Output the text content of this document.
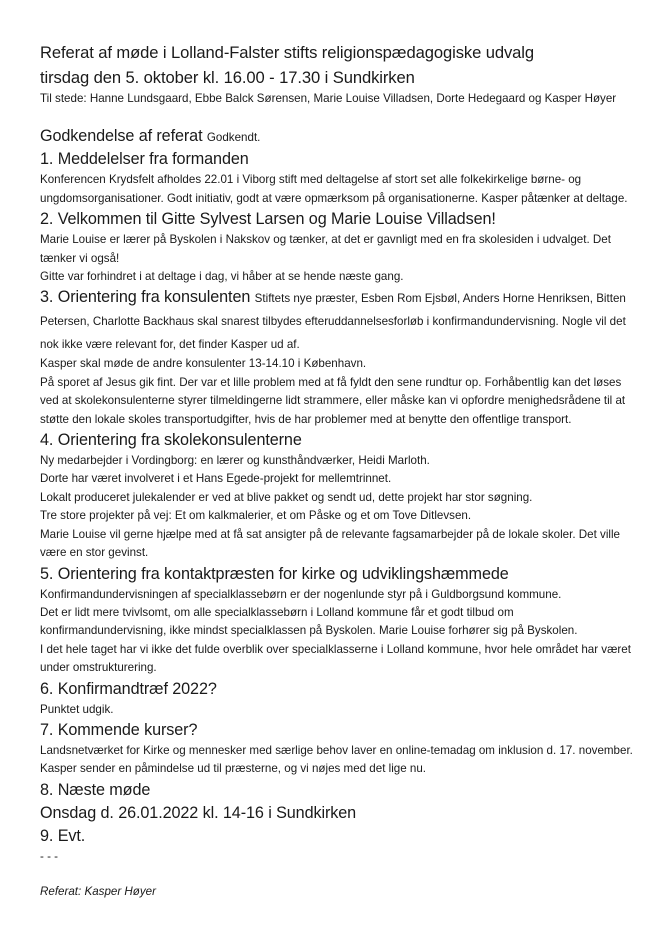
Referat af møde i Lolland-Falster stifts religionspædagogiske udvalg
tirsdag den 5. oktober kl. 16.00 - 17.30 i Sundkirken

Til stede: Hanne Lundsgaard, Ebbe Balck Sørensen, Marie Louise Villadsen, Dorte Hedegaard og Kasper Høyer

Godkendelse af referat Godkendt.
1. Meddelelser fra formanden

Konferencen Krydsfelt afholdes 22.01 i Viborg stift med deltagelse af stort set alle folkekirkelige børne- og ungdomsorganisationer. Godt initiativ, godt at være opmærksom på organisationerne. Kasper påtænker at deltage.

2. Velkommen til Gitte Sylvest Larsen og Marie Louise Villadsen!

Marie Louise er lærer på Byskolen i Nakskov og tænker, at det er gavnligt med en fra skolesiden i udvalget. Det tænker vi også!

Gitte var forhindret i at deltage i dag, vi håber at se hende næste gang.

3. Orientering fra konsulenten Stiftets nye præster, Esben Rom Ejsbøl, Anders Horne Henriksen, Bitten Petersen, Charlotte Backhaus skal snarest tilbydes efteruddannelsesforløb i konfirmandundervisning. Nogle vil det nok ikke være relevant for, det finder Kasper ud af.

Kasper skal møde de andre konsulenter 13-14.10 i København.

På sporet af Jesus gik fint. Der var et lille problem med at få fyldt den sene rundtur op. Forhåbentlig kan det løses ved at skolekonsulenterne styrer tilmeldingerne lidt strammere, eller måske kan vi opfordre menighedsrådene til at støtte den lokale skoles transportudgifter, hvis de har problemer med at benytte den offentlige transport.

4. Orientering fra skolekonsulenterne

Ny medarbejder i Vordingborg: en lærer og kunsthåndværker, Heidi Marloth.

Dorte har været involveret i et Hans Egede-projekt for mellemtrinnet.

Lokalt produceret julekalender er ved at blive pakket og sendt ud, dette projekt har stor søgning.

Tre store projekter på vej: Et om kalkmalerier, et om Påske og et om Tove Ditlevsen.

Marie Louise vil gerne hjælpe med at få sat ansigter på de relevante fagsamarbejder på de lokale skoler. Det ville være en stor gevinst.

5. Orientering fra kontaktpræsten for kirke og udviklingshæmmede

Konfirmandundervisningen af specialklassebørn er der nogenlunde styr på i Guldborgsund kommune.

Det er lidt mere tvivlsomt, om alle specialklassebørn i Lolland kommune får et godt tilbud om konfirmandundervisning, ikke mindst specialklassen på Byskolen. Marie Louise forhører sig på Byskolen.

I det hele taget har vi ikke det fulde overblik over specialklasserne i Lolland kommune, hvor hele området har været under omstrukturering.

6. Konfirmandtræf 2022?

Punktet udgik.

7. Kommende kurser?

Landsnetværket for Kirke og mennesker med særlige behov laver en online-temadag om inklusion d. 17. november. Kasper sender en påmindelse ud til præsterne, og vi nøjes med det lige nu.

8. Næste møde
Onsdag d. 26.01.2022 kl. 14-16 i Sundkirken
9. Evt.

- - -

Referat: Kasper Høyer
